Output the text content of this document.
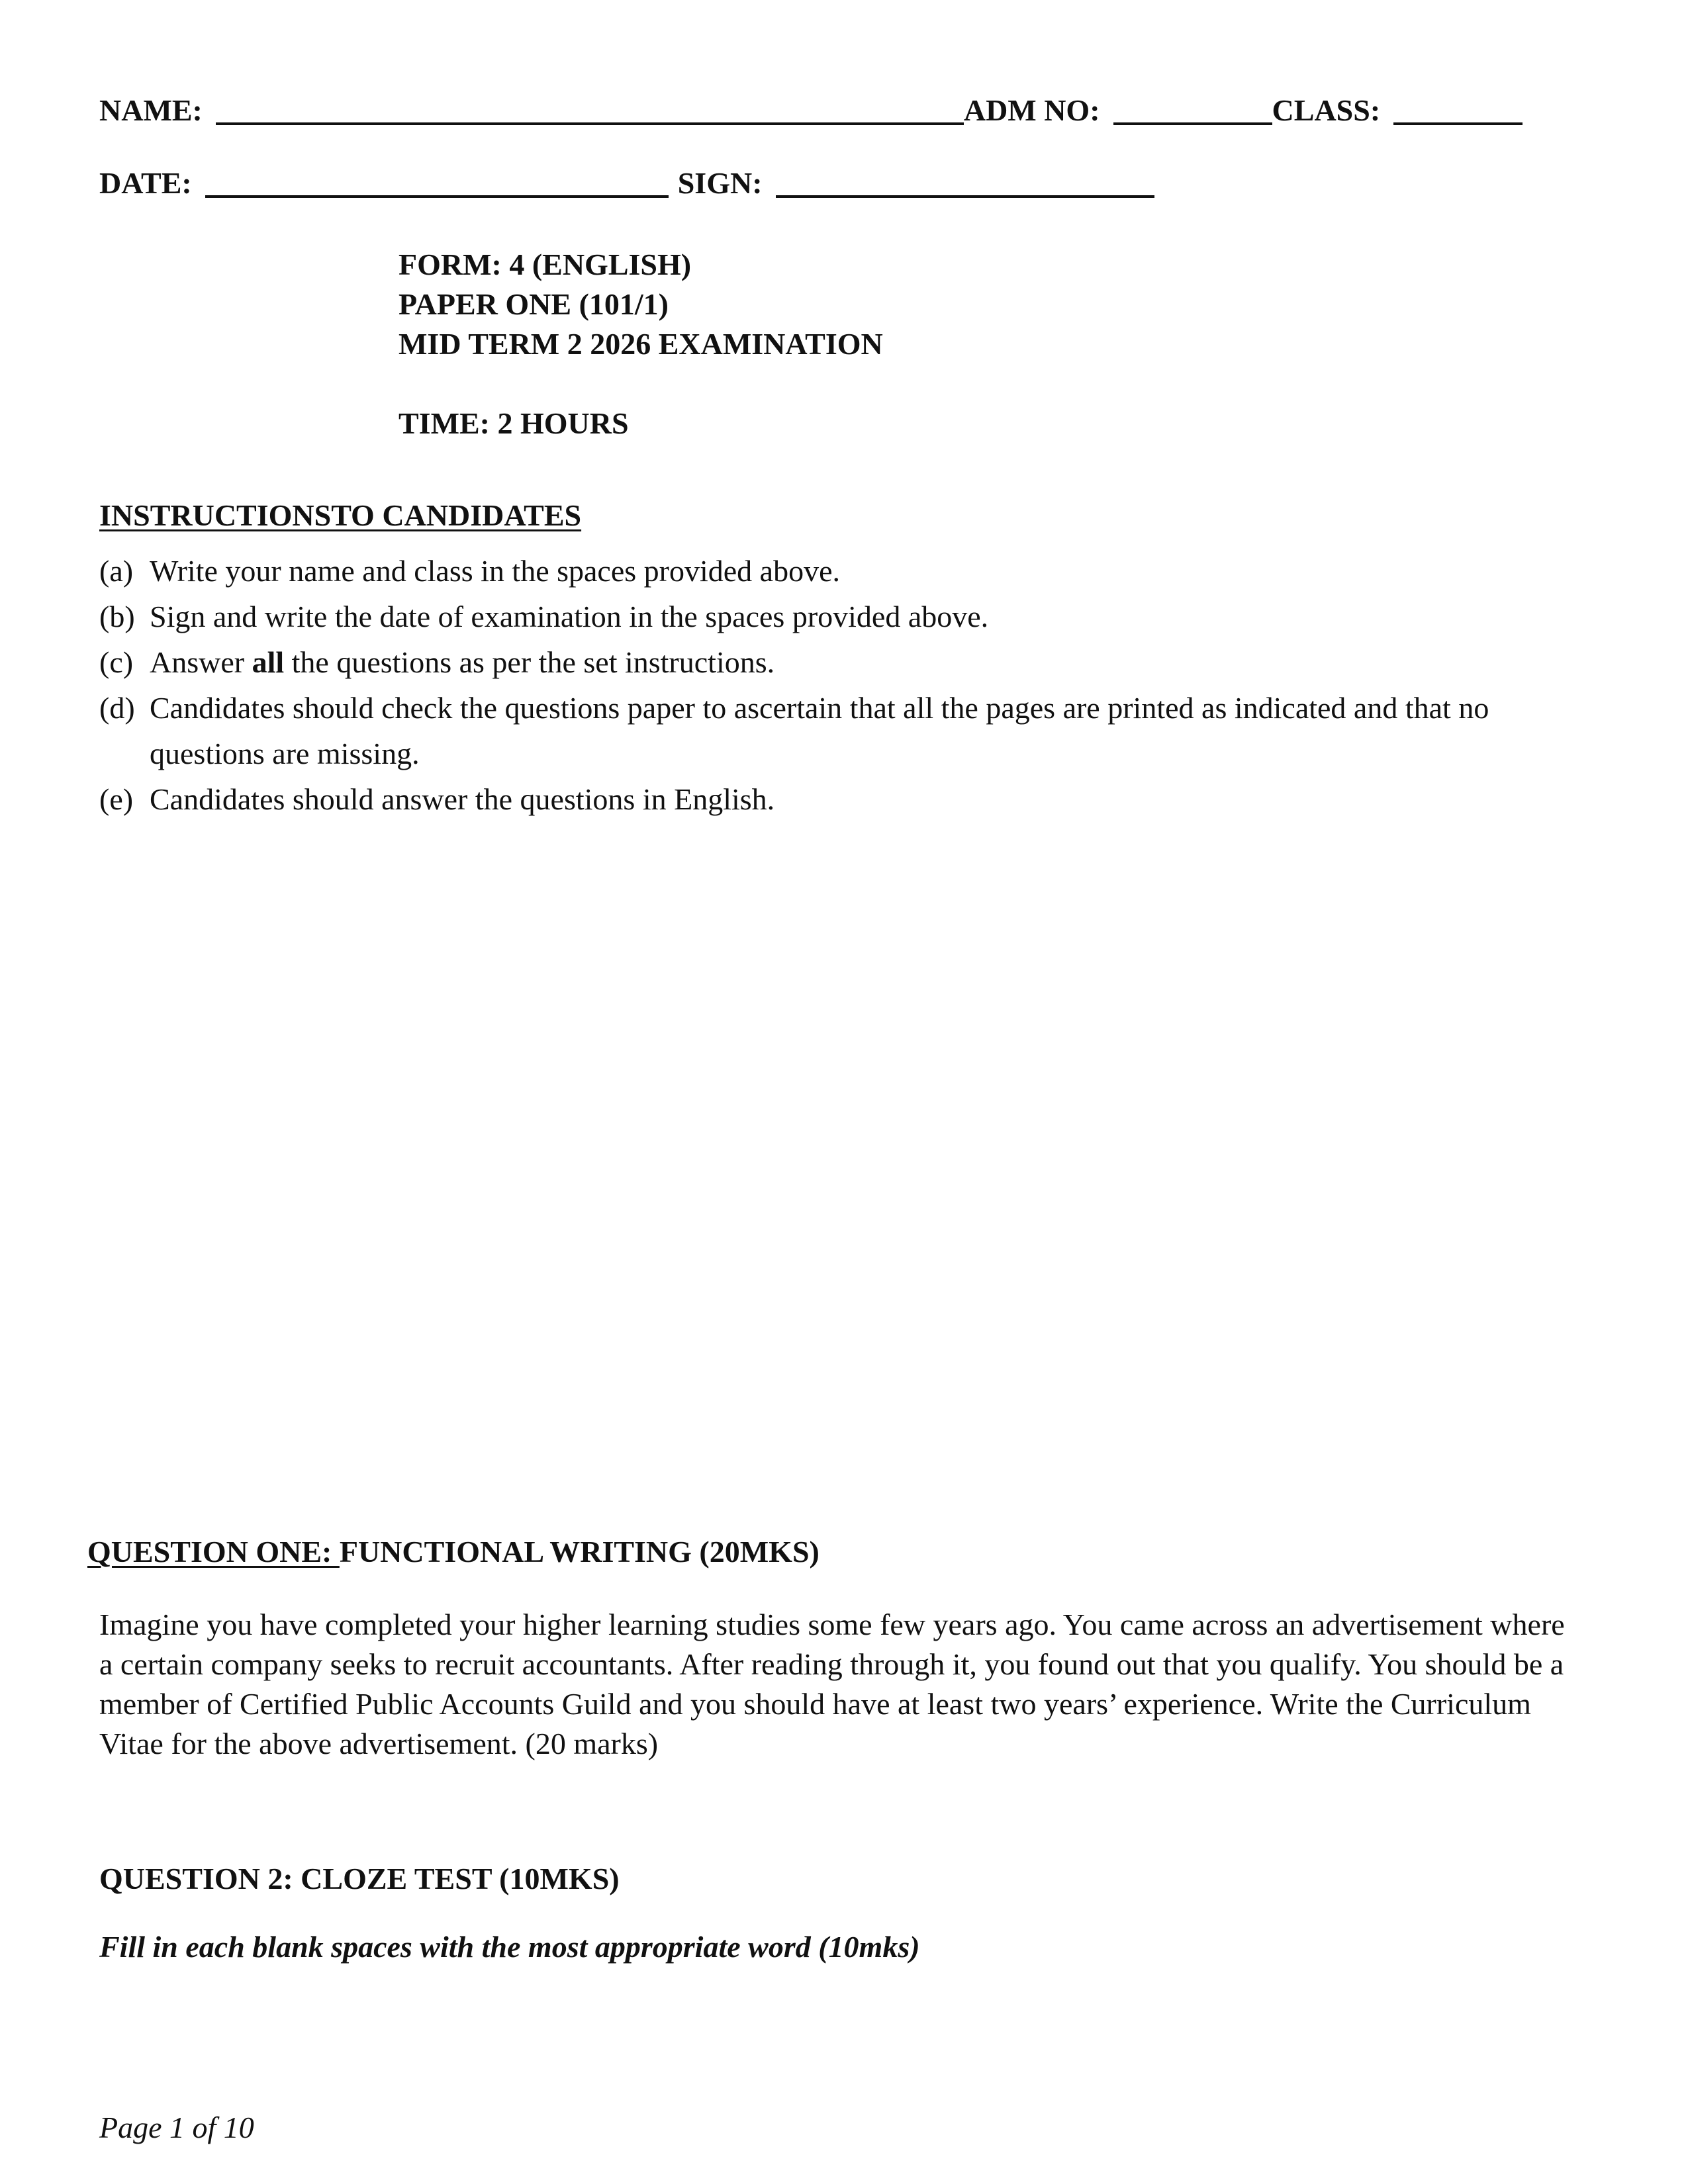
NAME:	ADM NO:	CLASS:
DATE:	SIGN:
FORM: 4 (ENGLISH)
PAPER ONE (101/1)
MID TERM 2 2026 EXAMINATION
TIME: 2 HOURS
INSTRUCTIONSTO CANDIDATES
(a) Write your name and class in the spaces provided above.
(b) Sign and write the date of examination in the spaces provided above.
(c) Answer all the questions as per the set instructions.
(d) Candidates should check the questions paper to ascertain that all the pages are printed as indicated and that no questions are missing.
(e) Candidates should answer the questions in English.
QUESTION ONE: FUNCTIONAL WRITING (20MKS)
Imagine you have completed your higher learning studies some few years ago. You came across an advertisement where a certain company seeks to recruit accountants. After reading through it, you found out that you qualify. You should be a member of Certified Public Accounts Guild and you should have at least two years’ experience. Write the Curriculum Vitae for the above advertisement. (20 marks)
QUESTION 2: CLOZE TEST (10MKS)
Fill in each blank spaces with the most appropriate word (10mks)
Page 1 of 10
